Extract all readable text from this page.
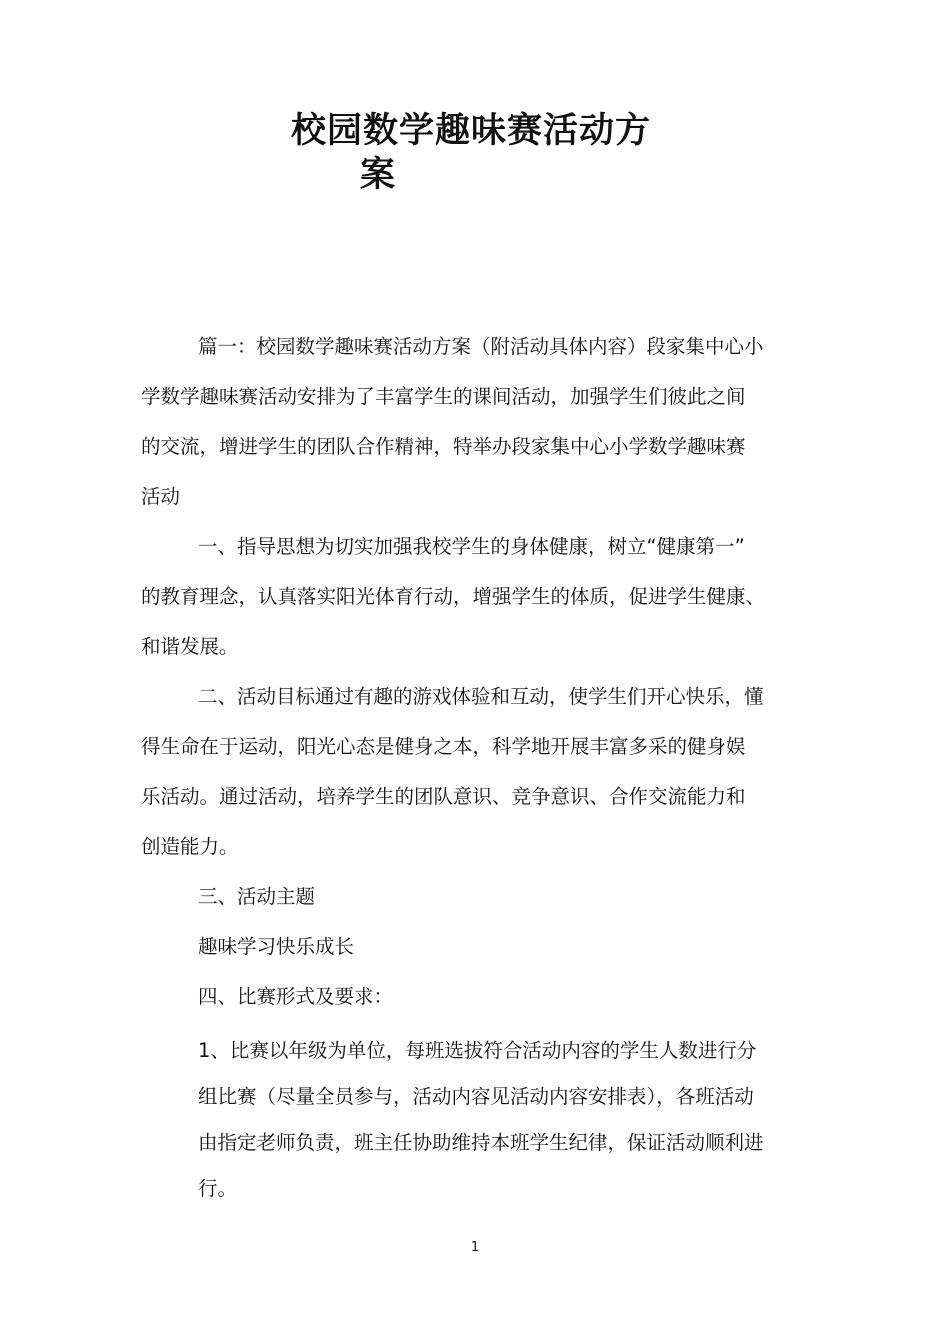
校园数学趣味赛活动方
案

篇一：校园数学趣味赛活动方案（附活动具体内容）段家集中心小

学数学趣味赛活动安排为了丰富学生的课间活动，加强学生们彼此之间

的交流，增进学生的团队合作精神，特举办段家集中心小学数学趣味赛

活动

一、指导思想为切实加强我校学生的身体健康，树立“健康第一”

的教育理念，认真落实阳光体育行动，增强学生的体质，促进学生健康、

和谐发展。

二、活动目标通过有趣的游戏体验和互动，使学生们开心快乐，懂

得生命在于运动，阳光心态是健身之本，科学地开展丰富多采的健身娱

乐活动。通过活动，培养学生的团队意识、竞争意识、合作交流能力和

创造能力。

三、活动主题

趣味学习快乐成长

四、比赛形式及要求：

1、比赛以年级为单位，每班选拔符合活动内容的学生人数进行分

组比赛（尽量全员参与，活动内容见活动内容安排表），各班活动

由指定老师负责，班主任协助维持本班学生纪律，保证活动顺利进

行。

1
